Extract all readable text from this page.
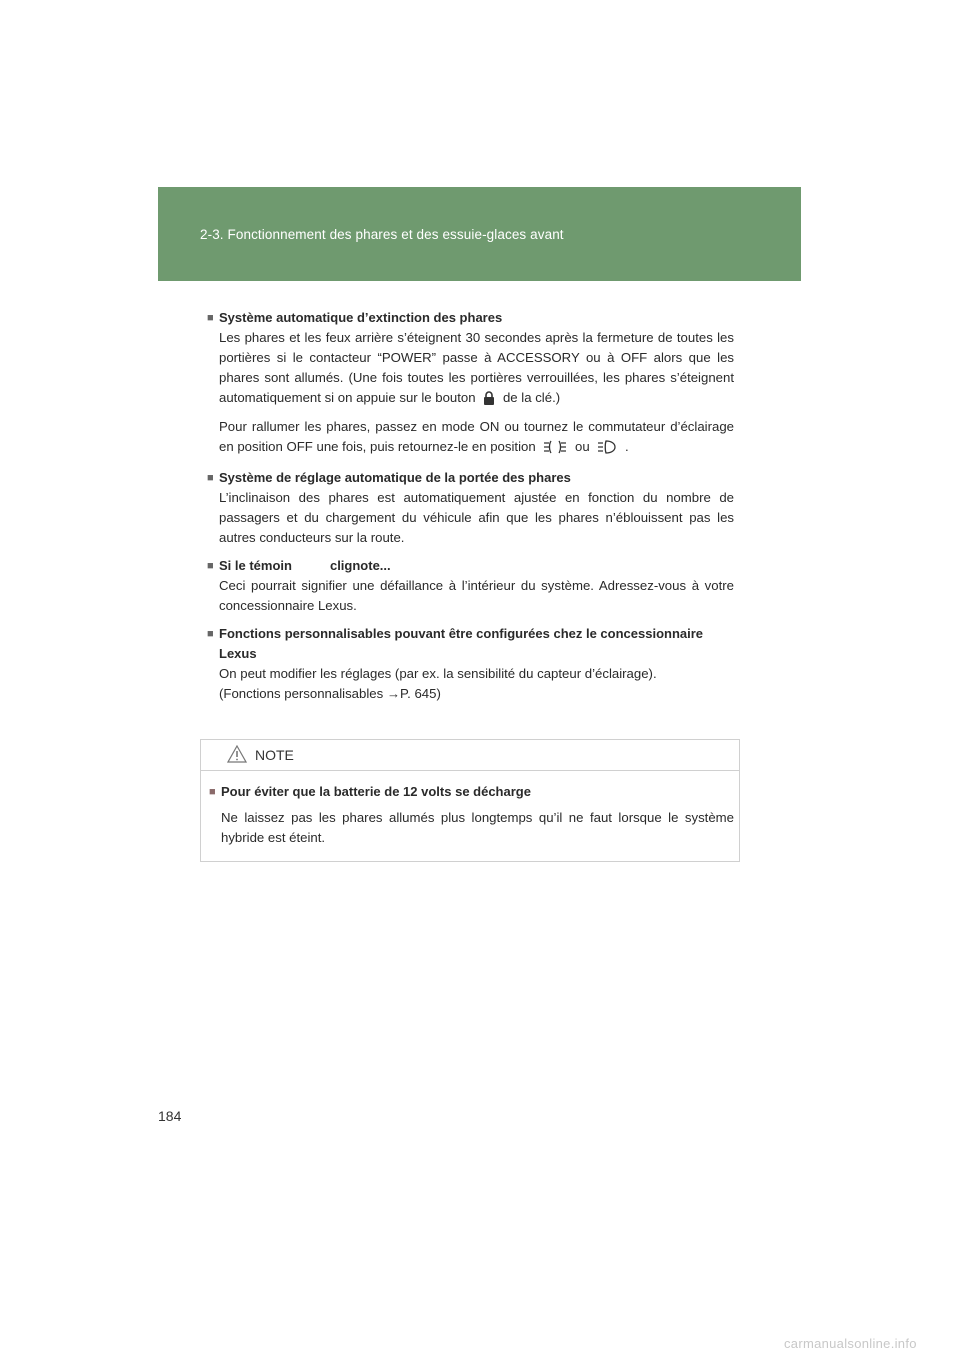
2-3. Fonctionnement des phares et des essuie-glaces avant
■ Système automatique d’extinction des phares
Les phares et les feux arrière s’éteignent 30 secondes après la fermeture de toutes les portières si le contacteur “POWER” passe à ACCESSORY ou à OFF alors que les phares sont allumés. (Une fois toutes les portières verrouillées, les phares s’éteignent automatiquement si on appuie sur le bouton de la clé.)
Pour rallumer les phares, passez en mode ON ou tournez le commutateur d’éclairage en position OFF une fois, puis retournez-le en position	ou	.
■ Système de réglage automatique de la portée des phares
L’inclinaison des phares est automatiquement ajustée en fonction du nombre de passagers et du chargement du véhicule afin que les phares n’éblouissent pas les autres conducteurs sur la route.
■ Si le témoin	clignote...
Ceci pourrait signifier une défaillance à l’intérieur du système. Adressez-vous à votre concessionnaire Lexus.
■ Fonctions personnalisables pouvant être configurées chez le concessionnaire Lexus
On peut modifier les réglages (par ex. la sensibilité du capteur d’éclairage).
(Fonctions personnalisables →P. 645)
NOTE
■ Pour éviter que la batterie de 12 volts se décharge
Ne laissez pas les phares allumés plus longtemps qu’il ne faut lorsque le système hybride est éteint.
184
carmanualsonline.info
